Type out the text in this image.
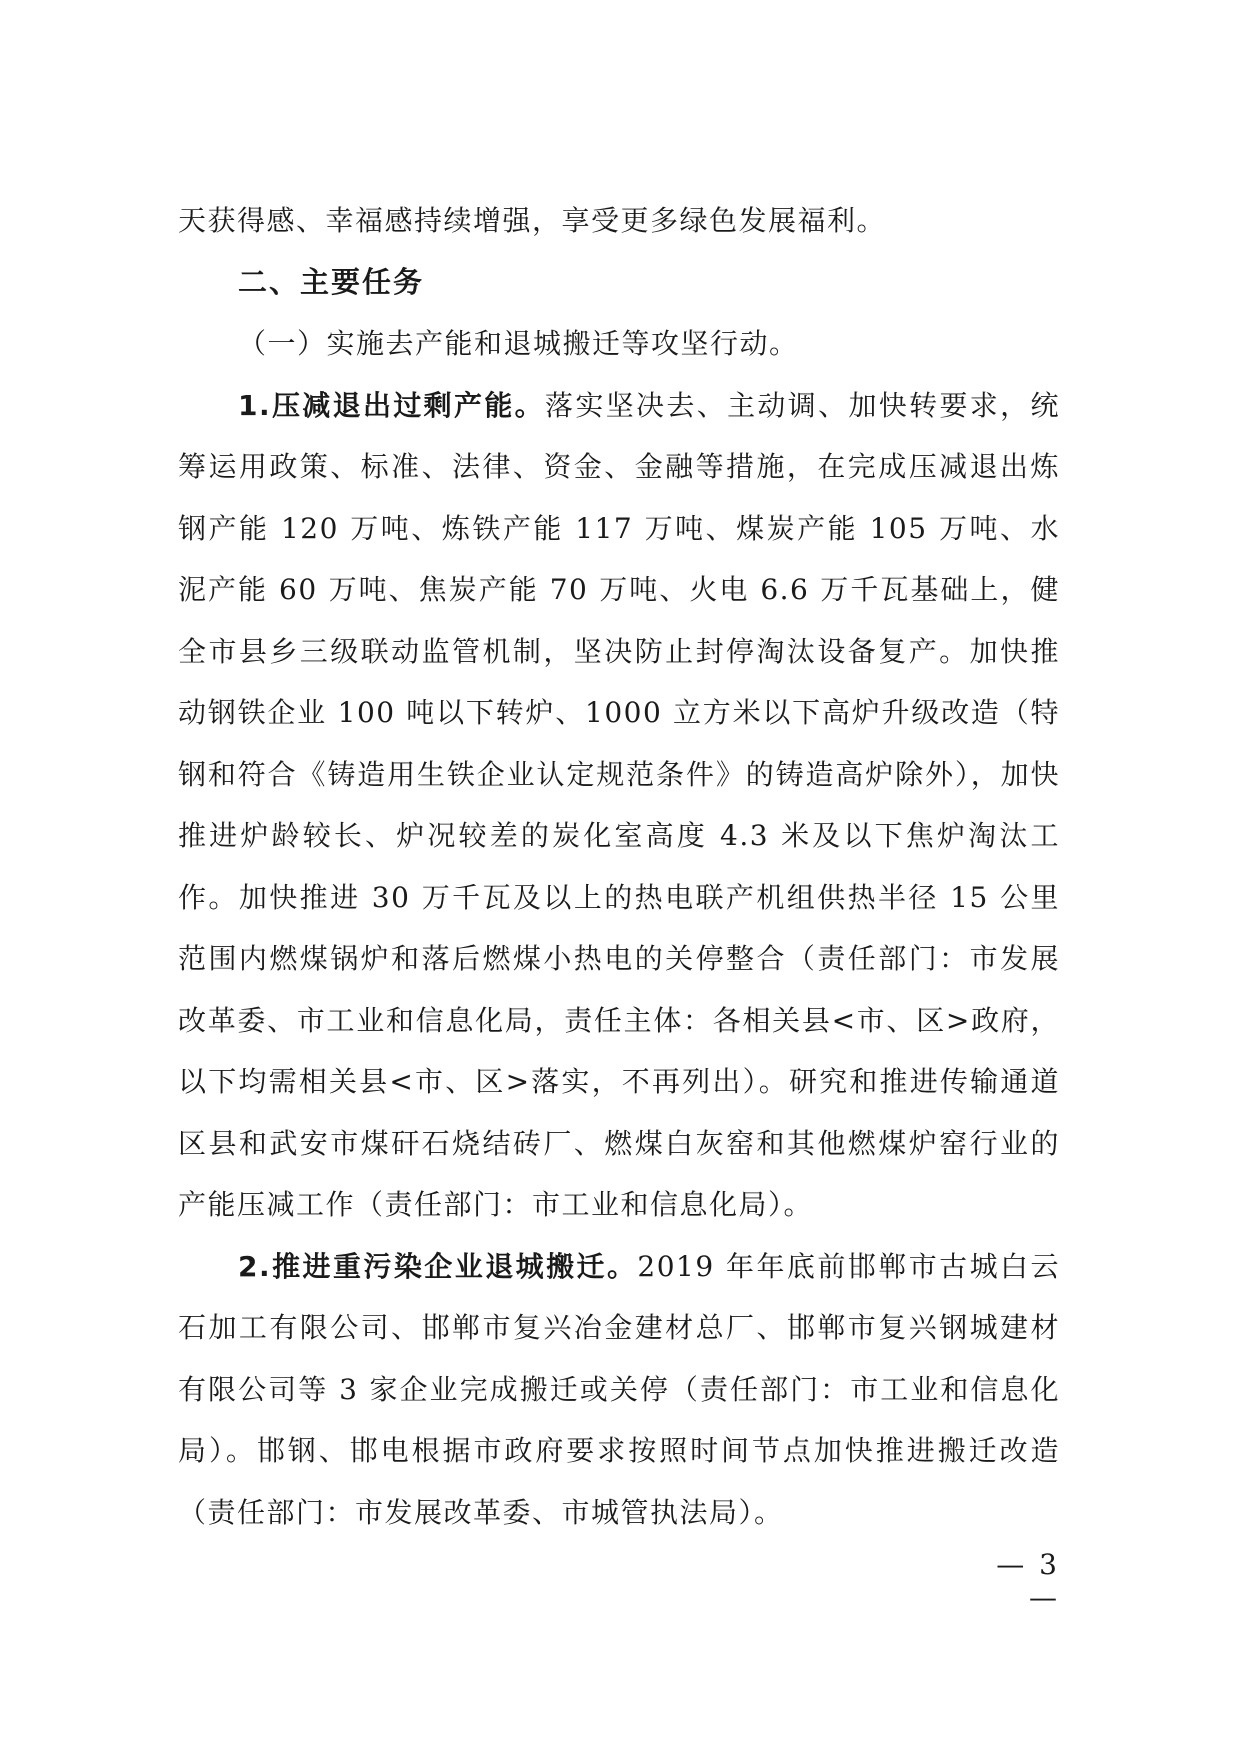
天获得感、幸福感持续增强，享受更多绿色发展福利。

二、主要任务

（一）实施去产能和退城搬迁等攻坚行动。

1.压减退出过剩产能。落实坚决去、主动调、加快转要求，统筹运用政策、标准、法律、资金、金融等措施，在完成压减退出炼钢产能 120 万吨、炼铁产能 117 万吨、煤炭产能 105 万吨、水泥产能 60 万吨、焦炭产能 70 万吨、火电 6.6 万千瓦基础上，健全市县乡三级联动监管机制，坚决防止封停淘汰设备复产。加快推动钢铁企业 100 吨以下转炉、1000 立方米以下高炉升级改造（特钢和符合《铸造用生铁企业认定规范条件》的铸造高炉除外），加快推进炉龄较长、炉况较差的炭化室高度 4.3 米及以下焦炉淘汰工作。加快推进 30 万千瓦及以上的热电联产机组供热半径 15 公里范围内燃煤锅炉和落后燃煤小热电的关停整合（责任部门：市发展改革委、市工业和信息化局，责任主体：各相关县<市、区>政府，以下均需相关县<市、区>落实，不再列出）。研究和推进传输通道区县和武安市煤矸石烧结砖厂、燃煤白灰窑和其他燃煤炉窑行业的产能压减工作（责任部门：市工业和信息化局）。

2.推进重污染企业退城搬迁。2019 年年底前邯郸市古城白云石加工有限公司、邯郸市复兴冶金建材总厂、邯郸市复兴钢城建材有限公司等 3 家企业完成搬迁或关停（责任部门：市工业和信息化局）。邯钢、邯电根据市政府要求按照时间节点加快推进搬迁改造（责任部门：市发展改革委、市城管执法局）。

— 3 —
